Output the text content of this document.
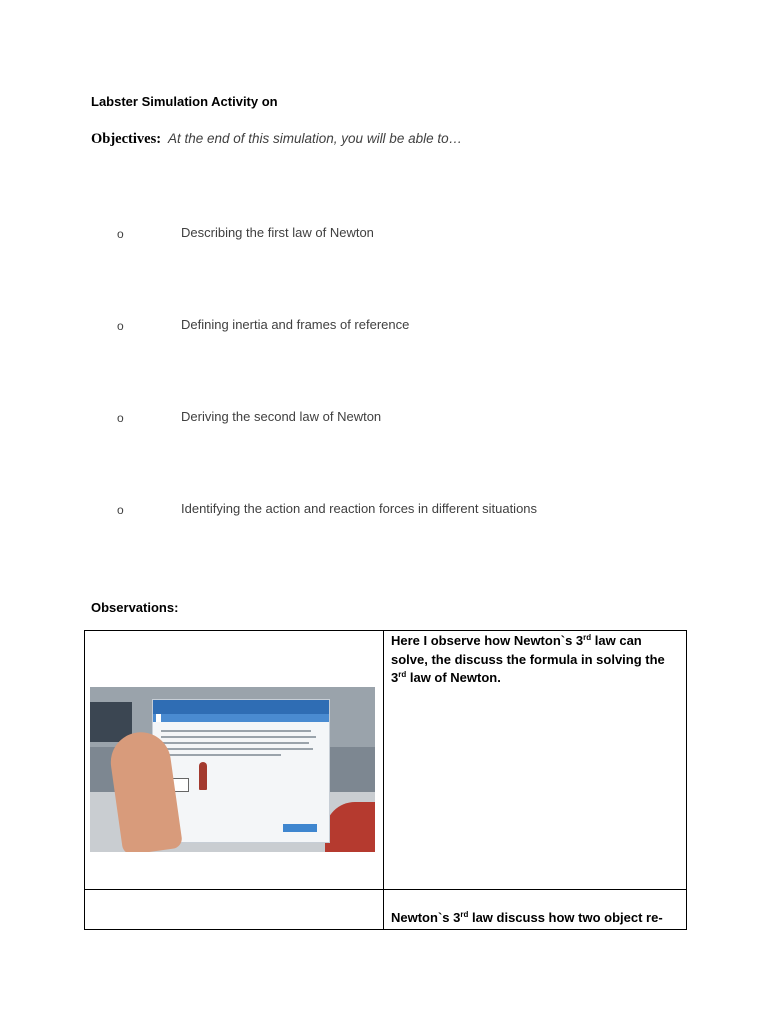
Labster Simulation Activity on
Objectives: At the end of this simulation, you will be able to…
o	Describing the first law of Newton
o	Defining inertia and frames of reference
o	Deriving the second law of Newton
o	Identifying the action and reaction forces in different situations
Observations:

	Here I observe how Newton`s 3rd law can solve, the discuss the formula in solving the 3rd law of Newton.

	Newton`s 3rd law discuss how two object re-
